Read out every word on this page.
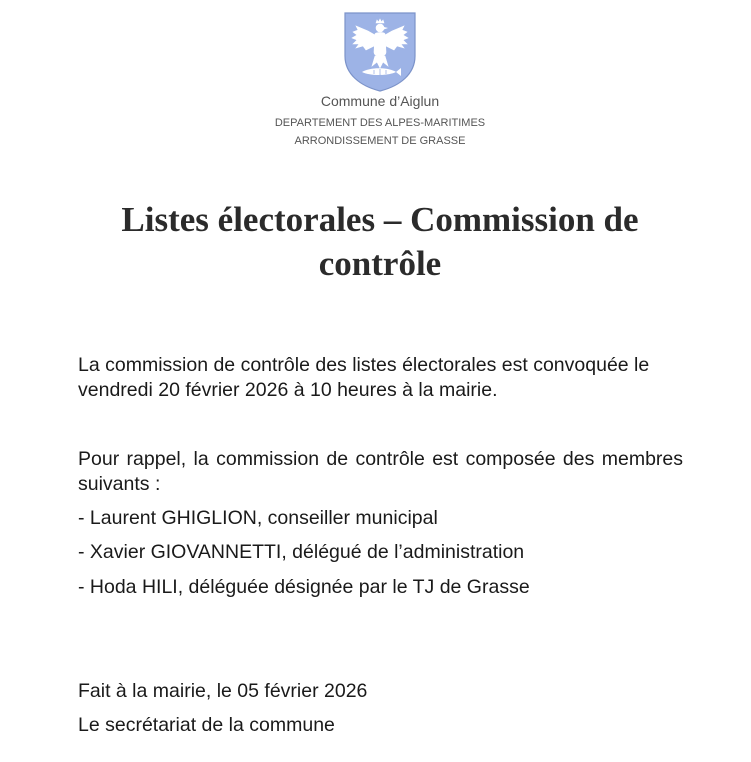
Commune d’Aiglun
DEPARTEMENT DES ALPES-MARITIMES
ARRONDISSEMENT DE GRASSE
Listes électorales – Commission de contrôle

La commission de contrôle des listes électorales est convoquée le vendredi 20 février 2026 à 10 heures à la mairie.

Pour rappel, la commission de contrôle est composée des membres suivants :

- Laurent GHIGLION, conseiller municipal
- Xavier GIOVANNETTI, délégué de l’administration
- Hoda HILI, déléguée désignée par le TJ de Grasse
Fait à la mairie, le 05 février 2026
Le secrétariat de la commune
